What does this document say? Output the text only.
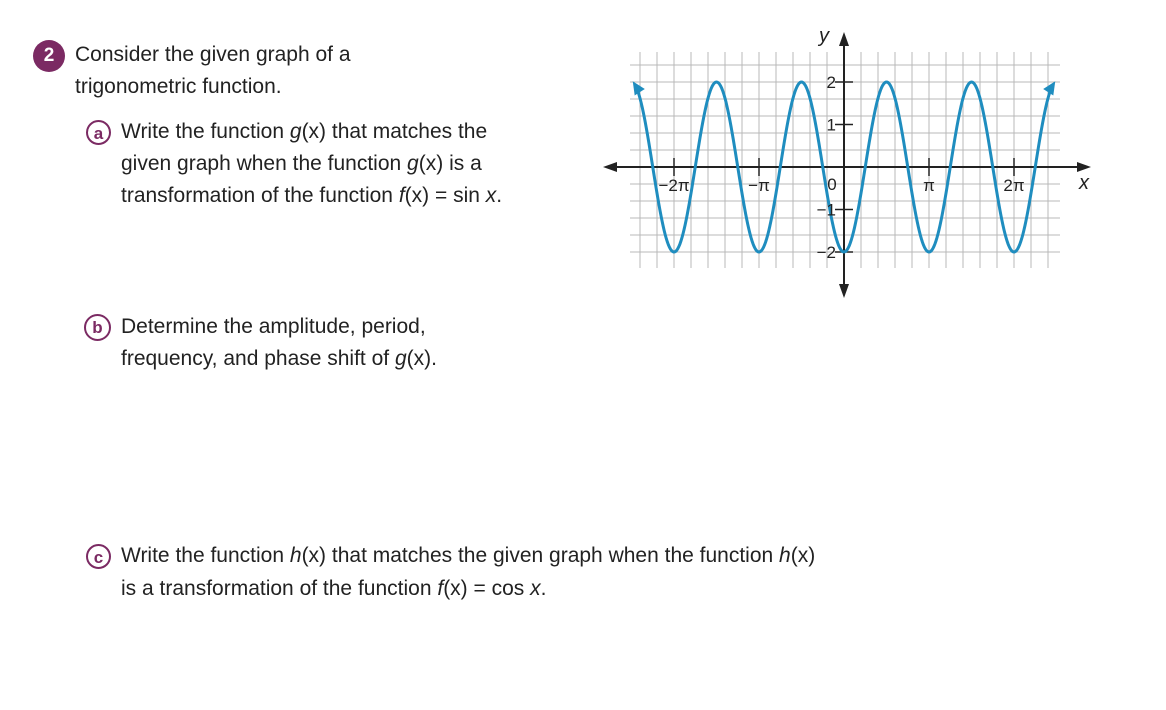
2 Consider the given graph of a
trigonometric function.
a Write the function g(x) that matches the
given graph when the function g(x) is a
transformation of the function f(x) = sin x.
b Determine the amplitude, period,
frequency, and phase shift of g(x).
c Write the function h(x) that matches the given graph when the function h(x)
is a transformation of the function f(x) = cos x.
−2π	−π	π	2π
2
1
−1
−2
0	x
y
